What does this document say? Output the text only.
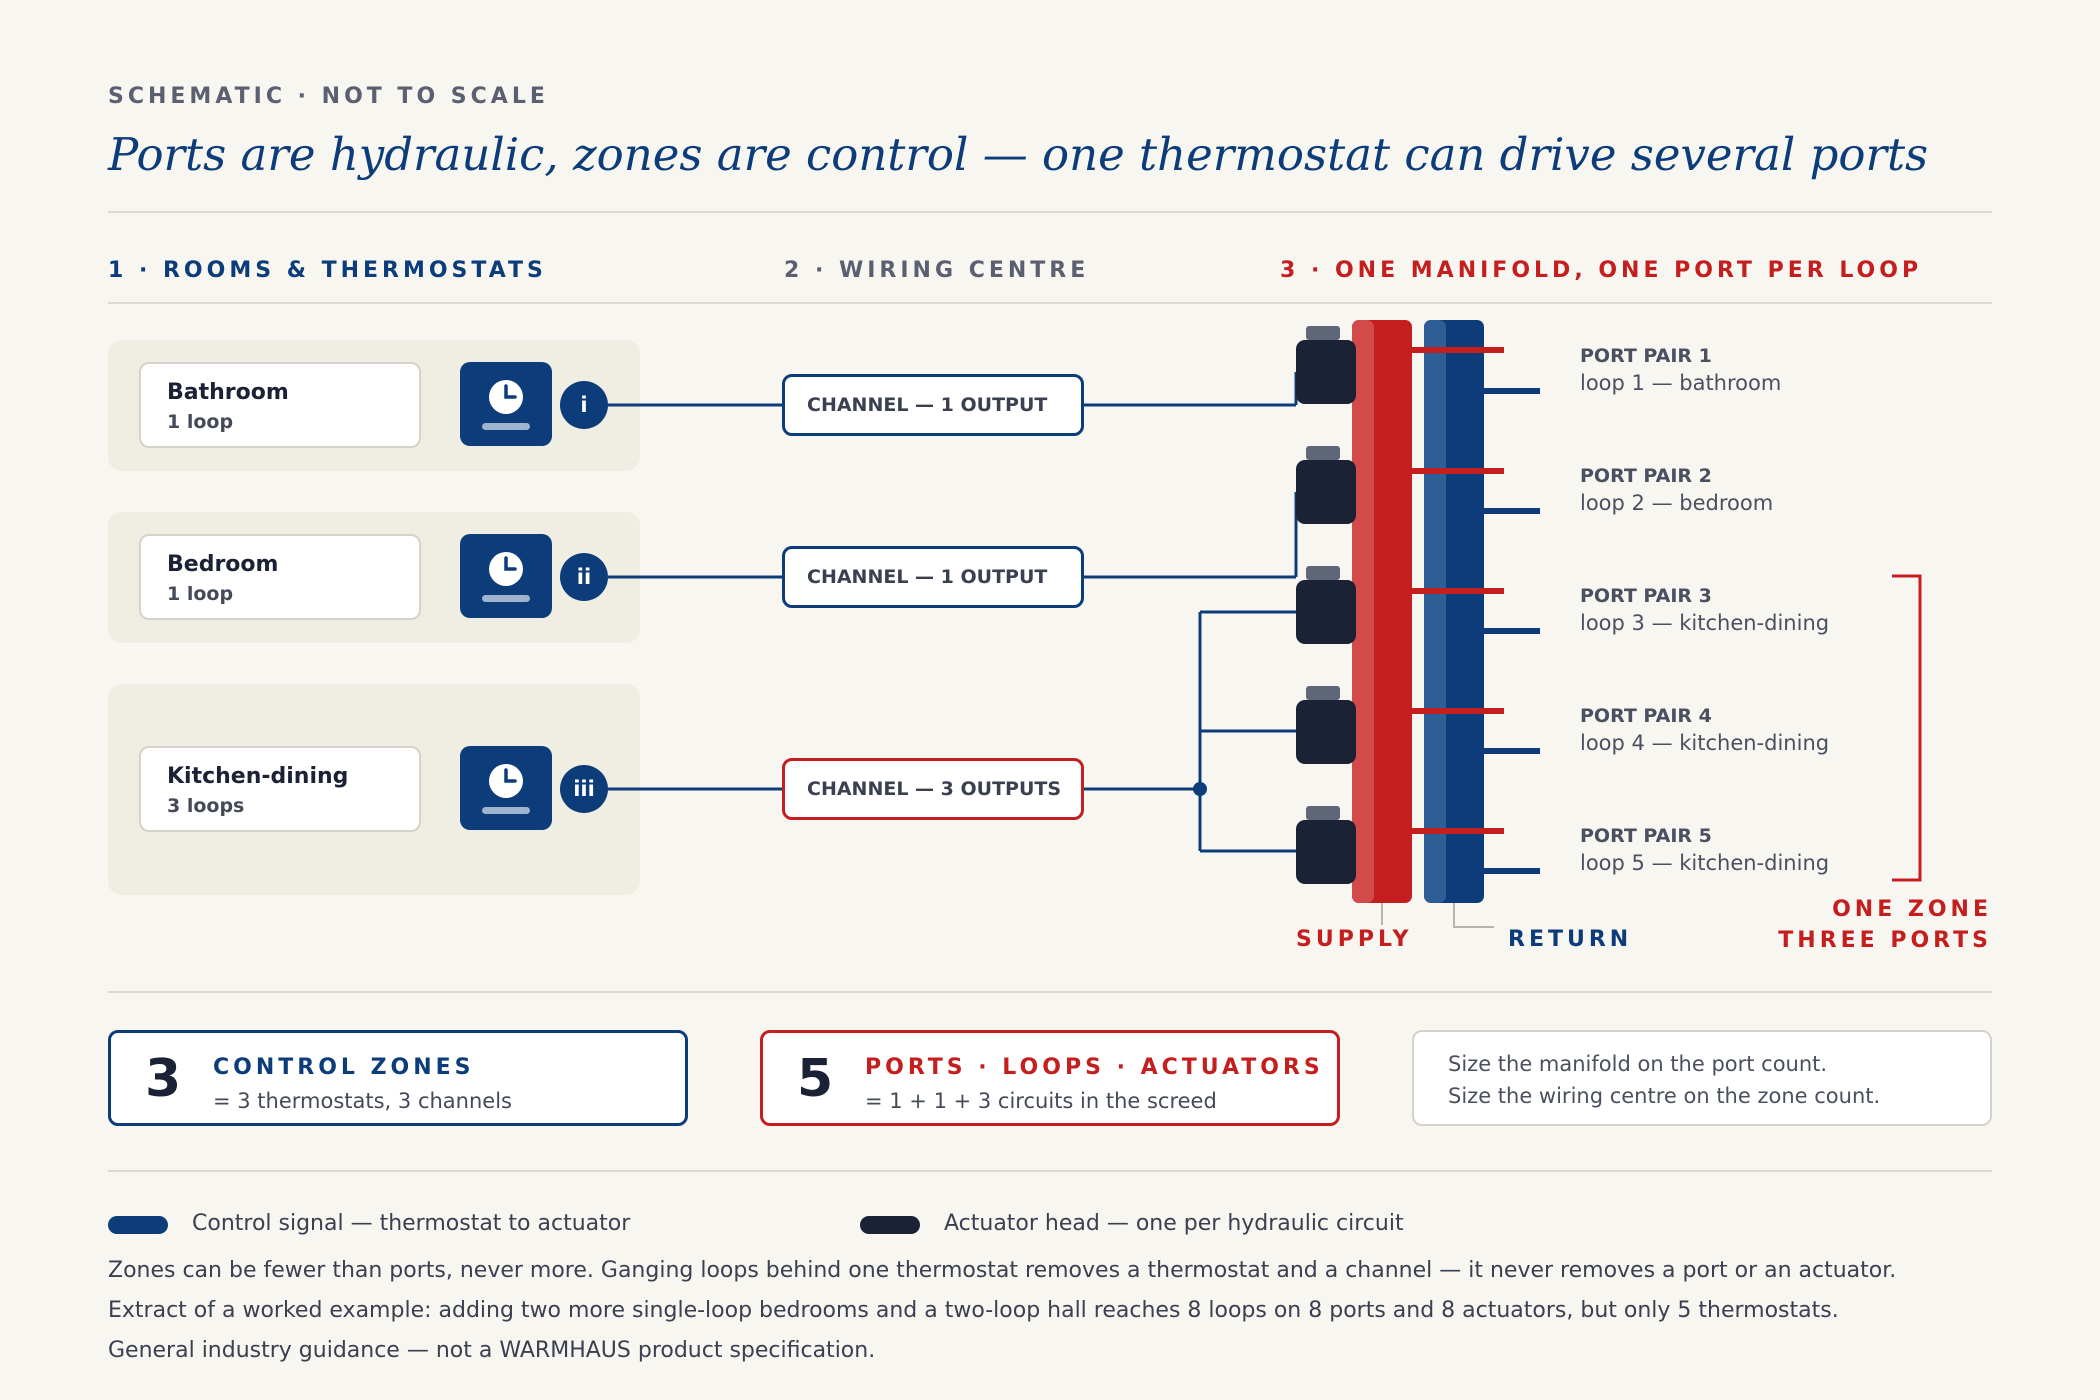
SCHEMATIC · NOT TO SCALE
Ports are hydraulic, zones are control — one thermostat can drive several ports
1 · ROOMS & THERMOSTATS	2 · WIRING CENTRE	3 · ONE MANIFOLD, ONE PORT PER LOOP
Bathroom
1 loop
Bedroom
1 loop
Kitchen-dining
3 loops
i
ii
iii
CHANNEL — 1 OUTPUT
CHANNEL — 1 OUTPUT
CHANNEL — 3 OUTPUTS
PORT PAIR 1
loop 1 — bathroom
PORT PAIR 2
loop 2 — bedroom
PORT PAIR 3
loop 3 — kitchen-dining
PORT PAIR 4
loop 4 — kitchen-dining
PORT PAIR 5
loop 5 — kitchen-dining
SUPPLY	RETURN
ONE ZONE
THREE PORTS
3 CONTROL ZONES
= 3 thermostats, 3 channels	5 PORTS · LOOPS · ACTUATORS
= 1 + 1 + 3 circuits in the screed
Size the manifold on the port count.
Size the wiring centre on the zone count.
Control signal — thermostat to actuator	Actuator head — one per hydraulic circuit
Zones can be fewer than ports, never more. Ganging loops behind one thermostat removes a thermostat and a channel — it never removes a port or an actuator.
Extract of a worked example: adding two more single-loop bedrooms and a two-loop hall reaches 8 loops on 8 ports and 8 actuators, but only 5 thermostats.
General industry guidance — not a WARMHAUS product specification.
